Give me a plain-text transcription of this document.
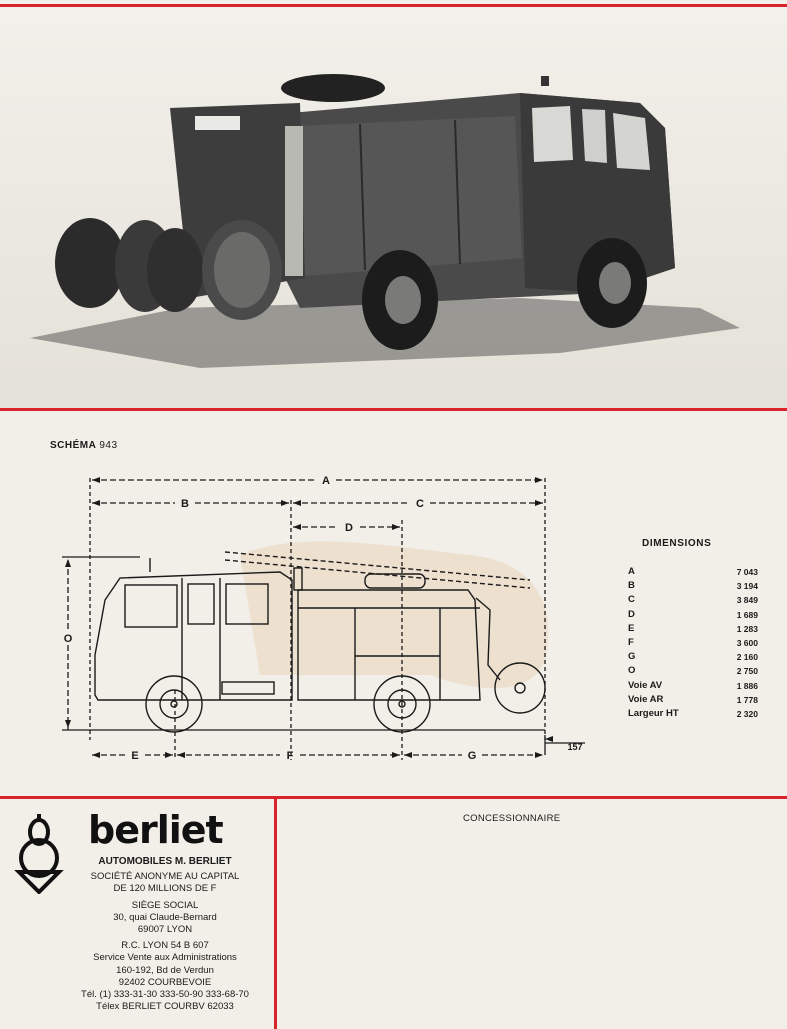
SCHÉMA 943
A
B	C
D
O
E	F	G
157
DIMENSIONS
A	7 043
B	3 194
C	3 849
D	1 689
E	1 283
F	3 600
G	2 160
O	2 750
Voie AV	1 886
Voie AR	1 778
Largeur HT	2 320
berliet
AUTOMOBILES M. BERLIET
SOCIÉTÉ ANONYME AU CAPITAL
DE 120 MILLIONS DE F
SIÈGE SOCIAL
30, quai Claude-Bernard
69007 LYON
R.C. LYON 54 B 607
Service Vente aux Administrations
160-192, Bd de Verdun
92402 COURBEVOIE
Tél. (1) 333-31-30 333-50-90 333-68-70
Télex BERLIET COURBV 62033
CONCESSIONNAIRE
